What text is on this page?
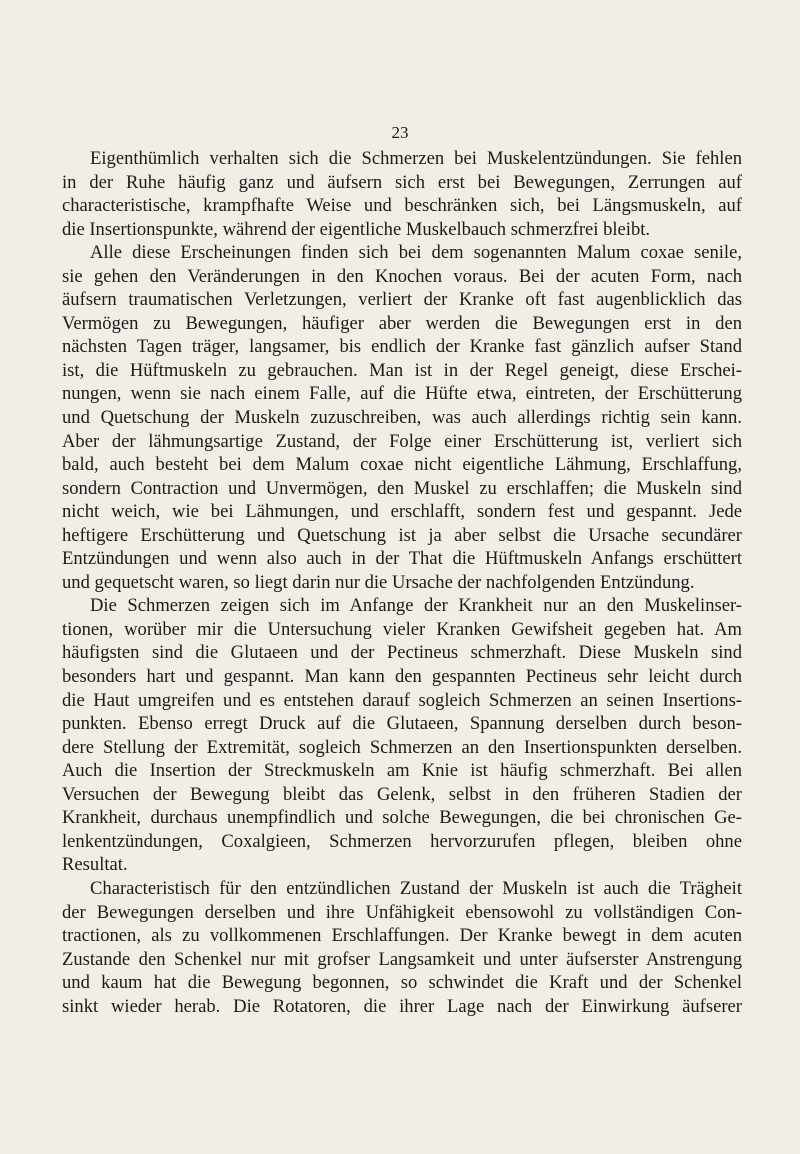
23
Eigenthümlich verhalten sich die Schmerzen bei Muskelentzündungen. Sie fehlen
in der Ruhe häufig ganz und äufsern sich erst bei Bewegungen, Zerrungen auf
characteristische, krampfhafte Weise und beschränken sich, bei Längsmuskeln, auf
die Insertionspunkte, während der eigentliche Muskelbauch schmerzfrei bleibt.
Alle diese Erscheinungen finden sich bei dem sogenannten Malum coxae senile,
sie gehen den Veränderungen in den Knochen voraus. Bei der acuten Form, nach
äufsern traumatischen Verletzungen, verliert der Kranke oft fast augenblicklich das
Vermögen zu Bewegungen, häufiger aber werden die Bewegungen erst in den
nächsten Tagen träger, langsamer, bis endlich der Kranke fast gänzlich aufser Stand
ist, die Hüftmuskeln zu gebrauchen. Man ist in der Regel geneigt, diese Erschei-
nungen, wenn sie nach einem Falle, auf die Hüfte etwa, eintreten, der Erschütterung
und Quetschung der Muskeln zuzuschreiben, was auch allerdings richtig sein kann.
Aber der lähmungsartige Zustand, der Folge einer Erschütterung ist, verliert sich
bald, auch besteht bei dem Malum coxae nicht eigentliche Lähmung, Erschlaffung,
sondern Contraction und Unvermögen, den Muskel zu erschlaffen; die Muskeln sind
nicht weich, wie bei Lähmungen, und erschlafft, sondern fest und gespannt. Jede
heftigere Erschütterung und Quetschung ist ja aber selbst die Ursache secundärer
Entzündungen und wenn also auch in der That die Hüftmuskeln Anfangs erschüttert
und gequetscht waren, so liegt darin nur die Ursache der nachfolgenden Entzündung.
Die Schmerzen zeigen sich im Anfange der Krankheit nur an den Muskelinser-
tionen, worüber mir die Untersuchung vieler Kranken Gewifsheit gegeben hat. Am
häufigsten sind die Glutaeen und der Pectineus schmerzhaft. Diese Muskeln sind
besonders hart und gespannt. Man kann den gespannten Pectineus sehr leicht durch
die Haut umgreifen und es entstehen darauf sogleich Schmerzen an seinen Insertions-
punkten. Ebenso erregt Druck auf die Glutaeen, Spannung derselben durch beson-
dere Stellung der Extremität, sogleich Schmerzen an den Insertionspunkten derselben.
Auch die Insertion der Streckmuskeln am Knie ist häufig schmerzhaft. Bei allen
Versuchen der Bewegung bleibt das Gelenk, selbst in den früheren Stadien der
Krankheit, durchaus unempfindlich und solche Bewegungen, die bei chronischen Ge-
lenkentzündungen, Coxalgieen, Schmerzen hervorzurufen pflegen, bleiben ohne
Resultat.
Characteristisch für den entzündlichen Zustand der Muskeln ist auch die Trägheit
der Bewegungen derselben und ihre Unfähigkeit ebensowohl zu vollständigen Con-
tractionen, als zu vollkommenen Erschlaffungen. Der Kranke bewegt in dem acuten
Zustande den Schenkel nur mit grofser Langsamkeit und unter äufserster Anstrengung
und kaum hat die Bewegung begonnen, so schwindet die Kraft und der Schenkel
sinkt wieder herab. Die Rotatoren, die ihrer Lage nach der Einwirkung äufserer
